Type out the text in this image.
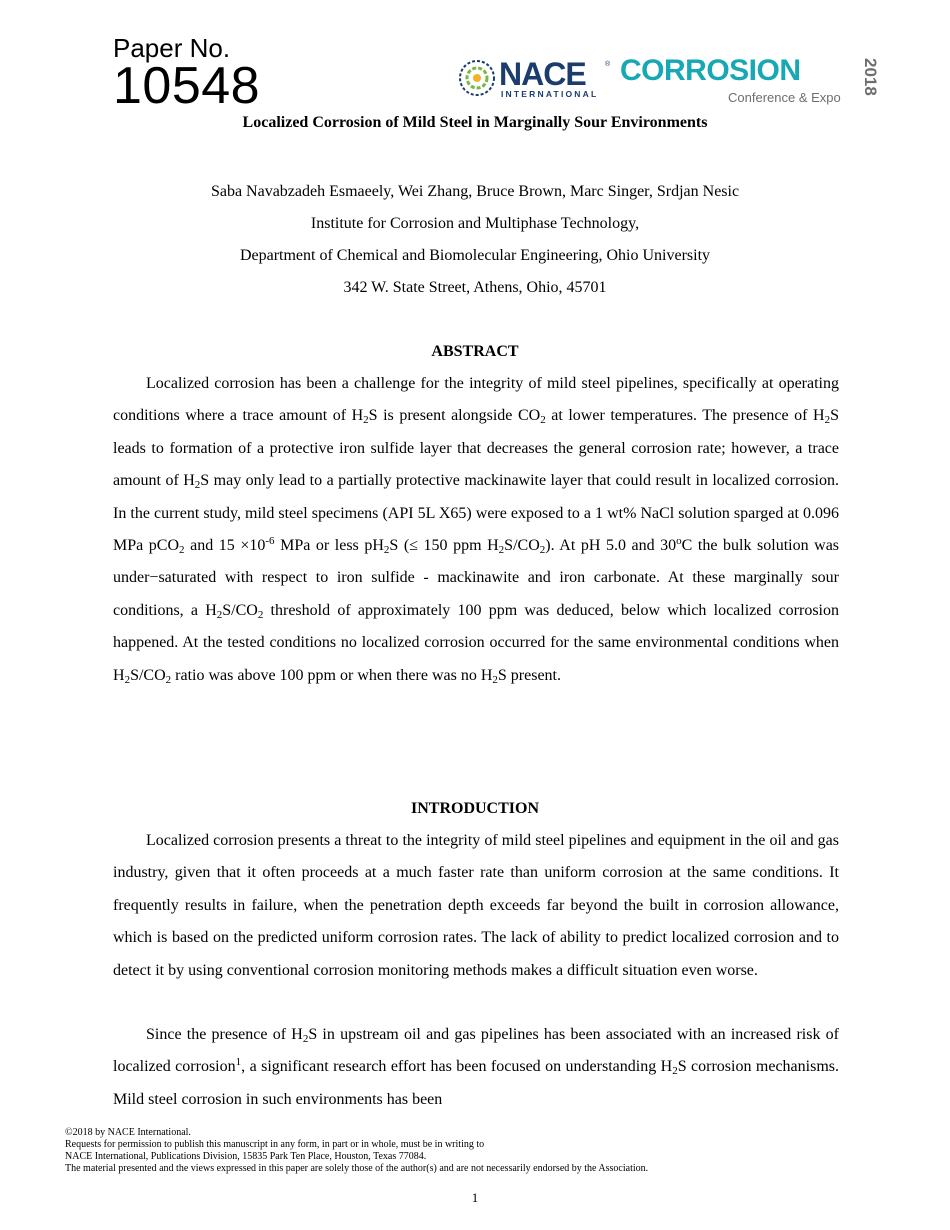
Paper No.
10548	NACE	®
INTERNATIONAL
CORROSION
Conference & Expo
2018
Localized Corrosion of Mild Steel in Marginally Sour Environments
Saba Navabzadeh Esmaeely, Wei Zhang, Bruce Brown, Marc Singer, Srdjan Nesic
Institute for Corrosion and Multiphase Technology,
Department of Chemical and Biomolecular Engineering, Ohio University
342 W. State Street, Athens, Ohio, 45701
ABSTRACT

Localized corrosion has been a challenge for the integrity of mild steel pipelines, specifically at operating conditions where a trace amount of $H_2S$ is present alongside $CO_2$ at lower temperatures. The presence of $H_2S$ leads to formation of a protective iron sulfide layer that decreases the general corrosion rate; however, a trace amount of $H_2S$ may only lead to a partially protective mackinawite layer that could result in localized corrosion. In the current study, mild steel specimens (API 5L X65) were exposed to a 1 wt% NaCl solution sparged at 0.096 MPa pCO$_2$ and $15 \times 10^{-6}$ MPa or less $pH_2S$ (≤ 150 ppm $H_2S/CO_2$). At pH 5.0 and 30$^o$C the bulk solution was under−saturated with respect to iron sulfide - mackinawite and iron carbonate. At these marginally sour conditions, a $H_2S/CO_2$ threshold of approximately 100 ppm was deduced, below which localized corrosion happened. At the tested conditions no localized corrosion occurred for the same environmental conditions when $H_2S/CO_2$ ratio was above 100 ppm or when there was no $H_2S$ present.

INTRODUCTION

Localized corrosion presents a threat to the integrity of mild steel pipelines and equipment in the oil and gas industry, given that it often proceeds at a much faster rate than uniform corrosion at the same conditions. It frequently results in failure, when the penetration depth exceeds far beyond the built in corrosion allowance, which is based on the predicted uniform corrosion rates. The lack of ability to predict localized corrosion and to detect it by using conventional corrosion monitoring methods makes a difficult situation even worse.

Since the presence of $H_2S$ in upstream oil and gas pipelines has been associated with an increased risk of localized corrosion$^1$, a significant research effort has been focused on understanding $H_2S$ corrosion mechanisms. Mild steel corrosion in such environments has been

©2018 by NACE International.
Requests for permission to publish this manuscript in any form, in part or in whole, must be in writing to
NACE International, Publications Division, 15835 Park Ten Place, Houston, Texas 77084.
The material presented and the views expressed in this paper are solely those of the author(s) and are not necessarily endorsed by the Association.
1
